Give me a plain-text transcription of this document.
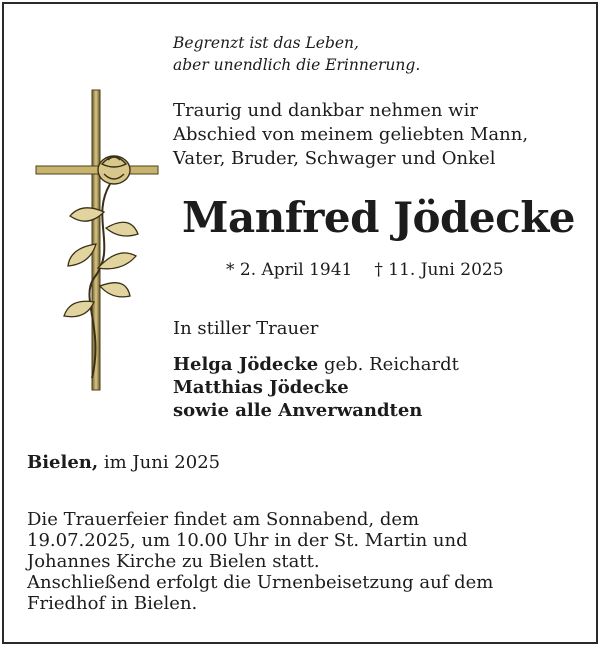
Begrenzt ist das Leben,
aber unendlich die Erinnerung.
Traurig und dankbar nehmen wir
Abschied von meinem geliebten Mann,
Vater, Bruder, Schwager und Onkel
Manfred Jödecke
* 2. April 1941 † 11. Juni 2025
In stiller Trauer
Helga Jödecke geb. Reichardt
Matthias Jödecke
sowie alle Anverwandten
Bielen, im Juni 2025
Die Trauerfeier findet am Sonnabend, dem
19.07.2025, um 10.00 Uhr in der St. Martin und
Johannes Kirche zu Bielen statt.
Anschließend erfolgt die Urnenbeisetzung auf dem
Friedhof in Bielen.
